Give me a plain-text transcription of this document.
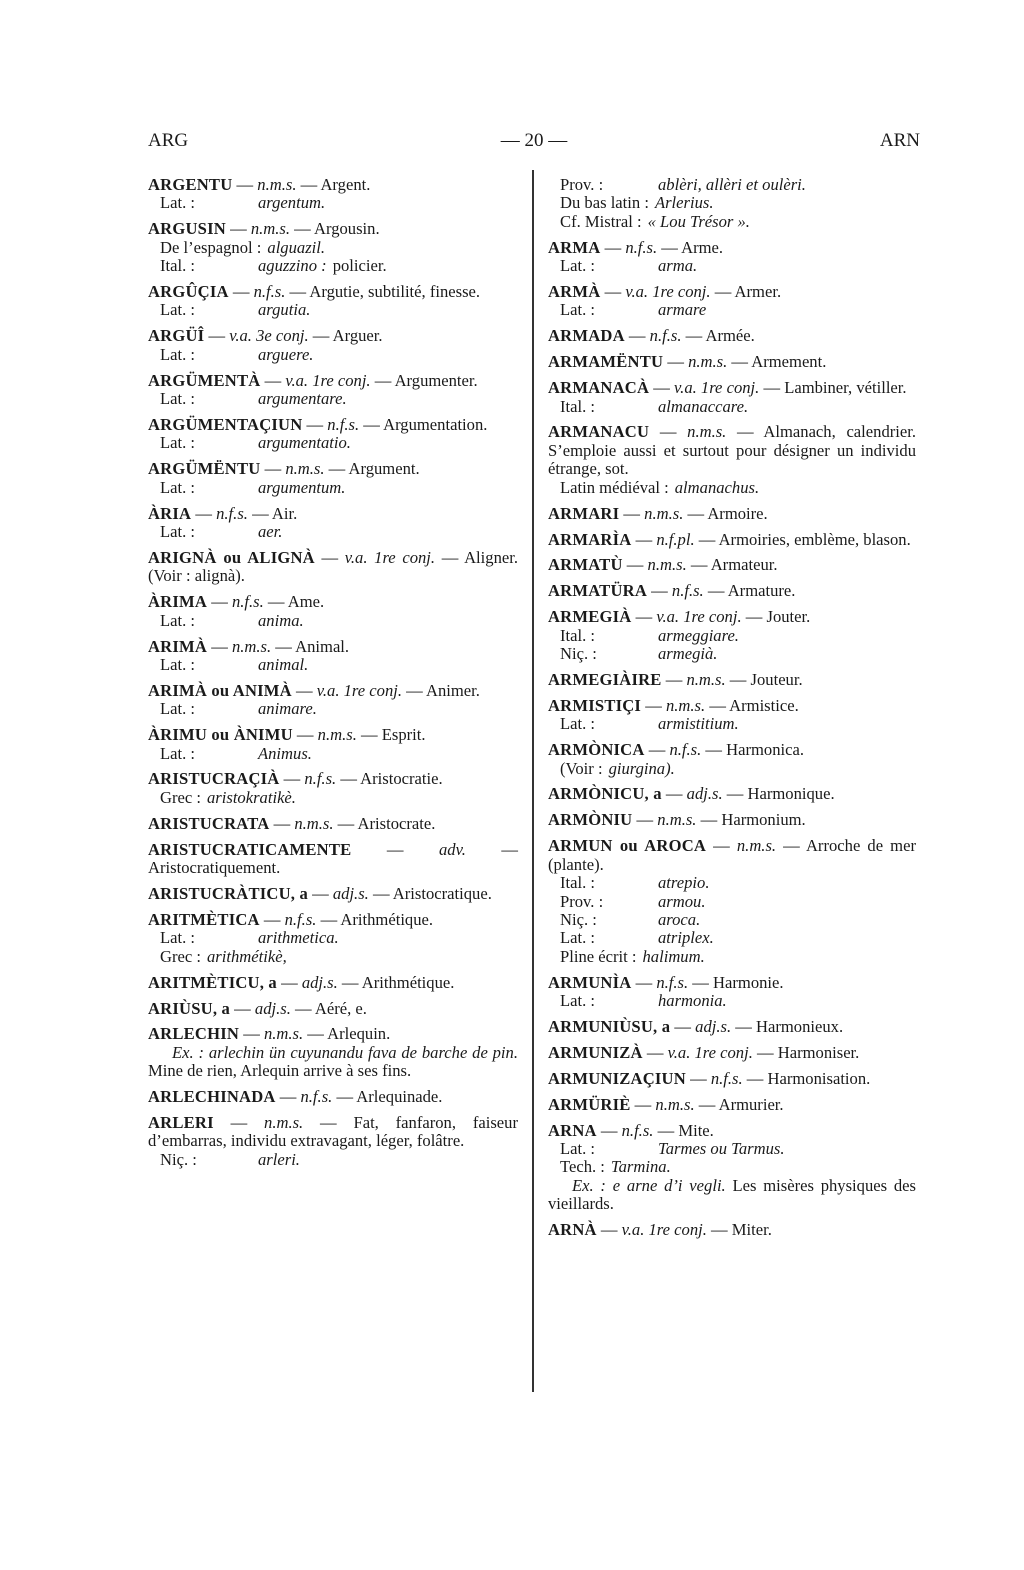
ARG	— 20 —	ARN
ARGENTU — n.m.s. — Argent.
Lat. :	argentum.
ARGUSIN — n.m.s. — Argousin.
De l’espagnol : alguazil.
Ital. :	aguzzino : policier.
ARGÛÇIA — n.f.s. — Argutie, subtilité, finesse.
Lat. :	argutia.
ARGÜÎ — v.a. 3e conj. — Arguer.
Lat. :	arguere.
ARGÜMENTÀ — v.a. 1re conj. — Argumenter.
Lat. :	argumentare.
ARGÜMENTAÇIUN — n.f.s. — Argumentation.
Lat. :	argumentatio.
ARGÜMËNTU — n.m.s. — Argument.
Lat. :	argumentum.
ÀRIA — n.f.s. — Air.
Lat. :	aer.
ARIGNÀ ou ALIGNÀ — v.a. 1re conj. — Aligner. (Voir : alignà).
ÀRIMA — n.f.s. — Ame.
Lat. :	anima.
ARIMÀ — n.m.s. — Animal.
Lat. :	animal.
ARIMÀ ou ANIMÀ — v.a. 1re conj. — Animer.
Lat. :	animare.
ÀRIMU ou ÀNIMU — n.m.s. — Esprit.
Lat. :	Animus.
ARISTUCRAÇIÀ — n.f.s. — Aristocratie.
Grec : aristokratikè.
ARISTUCRATA — n.m.s. — Aristocrate.
ARISTUCRATICAMENTE — adv. — Aristocratiquement.
ARISTUCRÀTICU, a — adj.s. — Aristocratique.
ARITMÈTICA — n.f.s. — Arithmétique.
Lat. :	arithmetica.
Grec : arithmétikè,
ARITMÈTICU, a — adj.s. — Arithmétique.
ARIÙSU, a — adj.s. — Aéré, e.
ARLECHIN — n.m.s. — Arlequin.
Ex. : arlechin ün cuyunandu fava de barche de pin. Mine de rien, Arlequin arrive à ses fins.
ARLECHINADA — n.f.s. — Arlequinade.
ARLERI — n.m.s. — Fat, fanfaron, faiseur d’embarras, individu extravagant, léger, folâtre.
Niç. :	arleri.
Prov. :	ablèri, allèri et oulèri.
Du bas latin : Arlerius.
Cf. Mistral : « Lou Trésor ».
ARMA — n.f.s. — Arme.
Lat. :	arma.
ARMÀ — v.a. 1re conj. — Armer.
Lat. :	armare
ARMADA — n.f.s. — Armée.
ARMAMËNTU — n.m.s. — Armement.
ARMANACÀ — v.a. 1re conj. — Lambiner, vétiller.
Ital. :	almanaccare.
ARMANACU — n.m.s. — Almanach, calendrier. S’emploie aussi et surtout pour désigner un individu étrange, sot.
Latin médiéval : almanachus.
ARMARI — n.m.s. — Armoire.
ARMARÌA — n.f.pl. — Armoiries, emblème, blason.
ARMATÙ — n.m.s. — Armateur.
ARMATÜRA — n.f.s. — Armature.
ARMEGIÀ — v.a. 1re conj. — Jouter.
Ital. :	armeggiare.
Niç. :	armegià.
ARMEGIÀIRE — n.m.s. — Jouteur.
ARMISTIÇI — n.m.s. — Armistice.
Lat. :	armistitium.
ARMÒNICA — n.f.s. — Harmonica.
(Voir : giurgina).
ARMÒNICU, a — adj.s. — Harmonique.
ARMÒNIU — n.m.s. — Harmonium.
ARMUN ou AROCA — n.m.s. — Arroche de mer (plante).
Ital. :	atrepio.
Prov. :	armou.
Niç. :	aroca.
Lat. :	atriplex.
Pline écrit : halimum.
ARMUNÌA — n.f.s. — Harmonie.
Lat. :	harmonia.
ARMUNIÙSU, a — adj.s. — Harmonieux.
ARMUNIZÀ — v.a. 1re conj. — Harmoniser.
ARMUNIZAÇIUN — n.f.s. — Harmonisation.
ARMÜRIÈ — n.m.s. — Armurier.
ARNA — n.f.s. — Mite.
Lat. :	Tarmes ou Tarmus.
Tech. : Tarmina.
Ex. : e arne d’i vegli. Les misères physiques des vieillards.
ARNÀ — v.a. 1re conj. — Miter.
